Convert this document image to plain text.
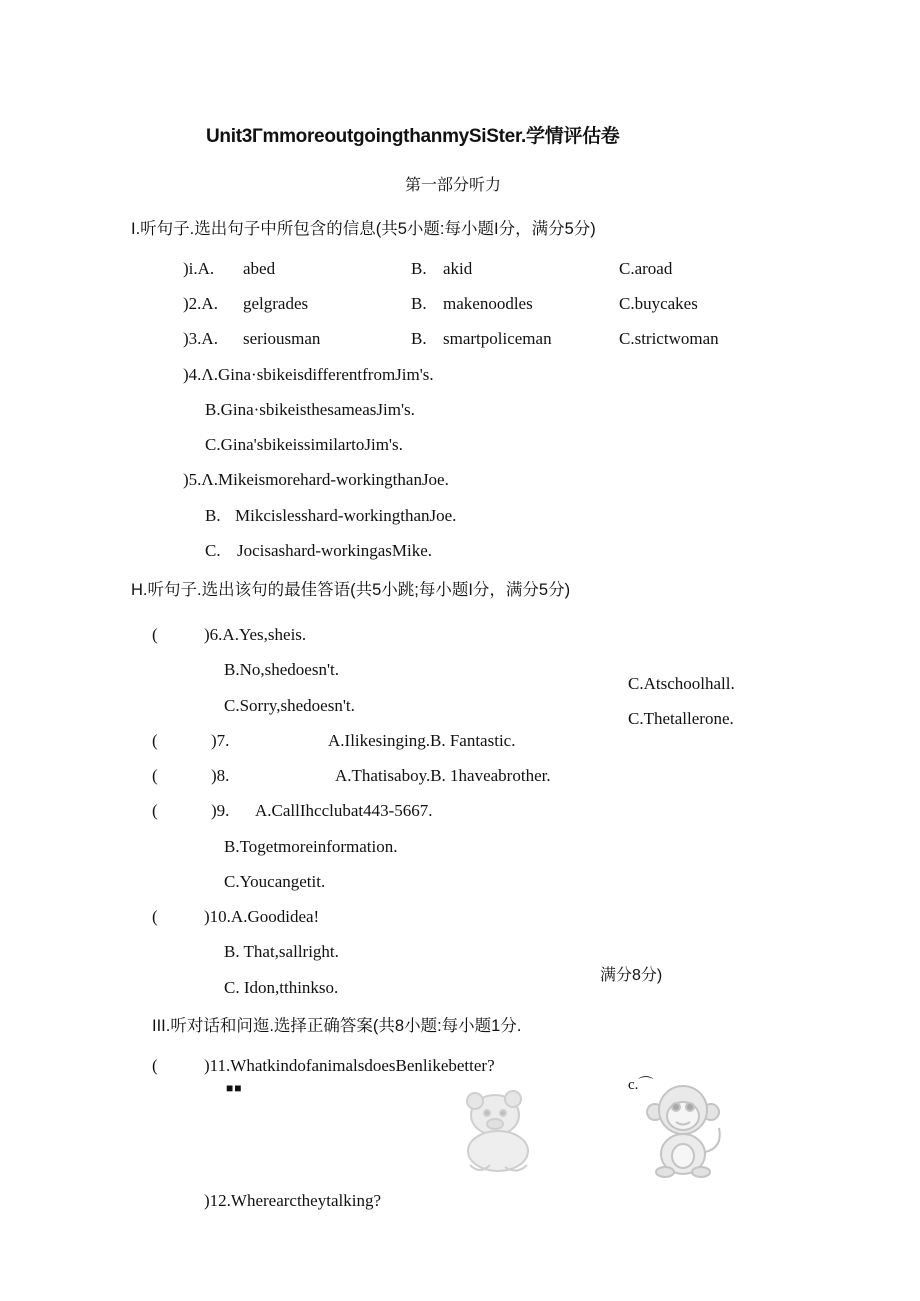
Unit3ГmmoreoutgoingthanmySiSter.学情评估卷
第一部分听力
I.听句子.选出句子中所包含的信息(共5小题:每小题I分，满分5分)
)i.A. abed	B. akid	C.aroad
)2.A. gelgrades	B. makenoodles	C.buycakes
)3.A. seriousman	B. smartpoliceman	C.strictwoman
)4.Λ.Gina·sbikeisdifferentfromJim's.
B.Gina·sbikeisthesameasJim's.
C.Gina'sbikeissimilartoJim's.
)5.Λ.Mikeismorehard-workingthanJoe.
B. Mikcislesshard-workingthanJoe.
C. Jocisashard-workingasMike.
H.听句子.选出该句的最佳答语(共5小跳;每小题I分，满分5分)
(	)6.A.Yes,sheis.
B.No,shedoesn't.
C.Sorry,shedoesn't.
(	)7.	A.Ilikesinging.B. Fantastic.
C.Atschoolhall.
(	)8.	A.Thatisaboy.B. 1haveabrother.
C.Thetallerone.
(	)9. A.CallIhcclubat443-5667.
B.Togetmoreinformation.
C.Youcangetit.
(	)10.A.Goodidea!
B. That,sallright.
C. Idon,tthinkso.
满分8分)
III.听对话和问迤.选择正确答案(共8小题:每小题1分.
(	)11.WhatkindofanimalsdoesBenlikebetter?
■■	c.⌒
)12.Wherearctheytalking?
